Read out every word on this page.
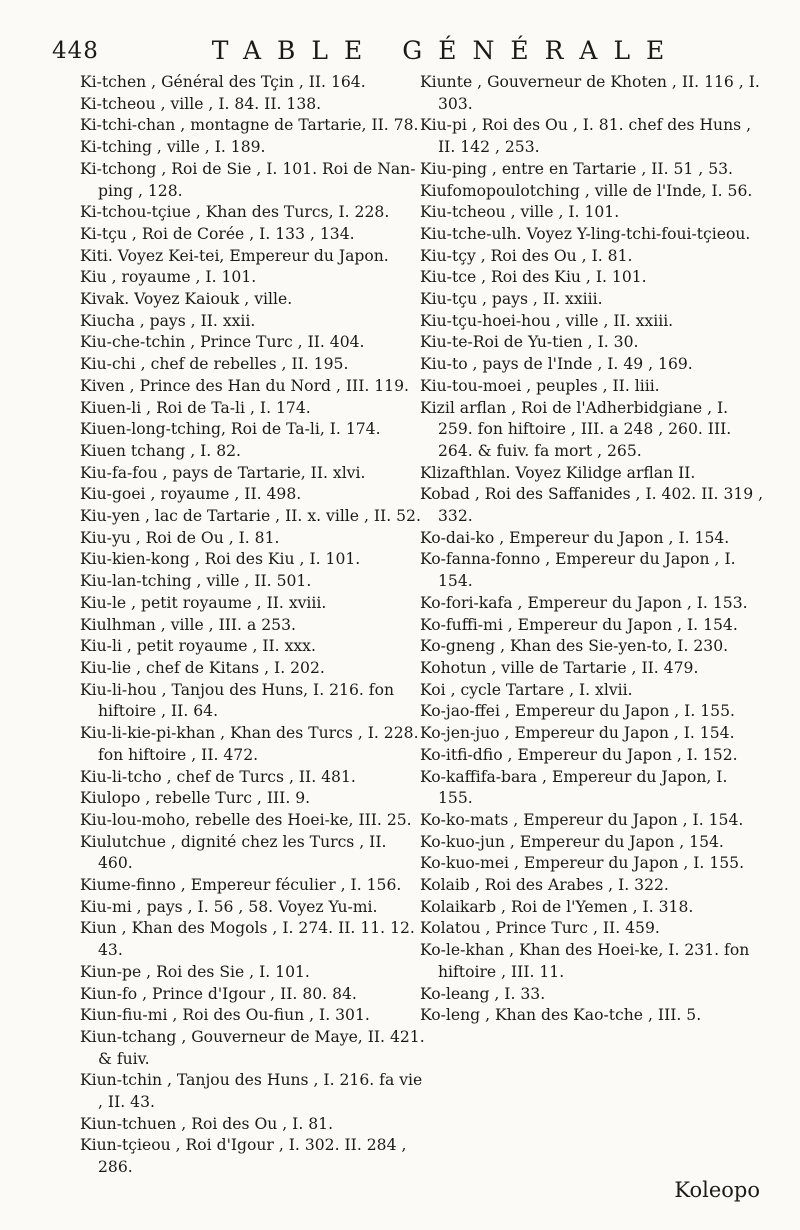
448	TABLE GÉNÉRALE
Ki-tchen , Général des Tçin , II. 164.
Ki-tcheou , ville , I. 84. II. 138.
Ki-tchi-chan , montagne de Tartarie, II. 78.
Ki-tching , ville , I. 189.
Ki-tchong , Roi de Sie , I. 101. Roi de Nan-ping , 128.
Ki-tchou-tçiue , Khan des Turcs, I. 228.
Ki-tçu , Roi de Corée , I. 133 , 134.
Kiti. Voyez Kei-tei, Empereur du Japon.
Kiu , royaume , I. 101.
Kivak. Voyez Kaiouk , ville.
Kiucha , pays , II. xxii.
Kiu-che-tchin , Prince Turc , II. 404.
Kiu-chi , chef de rebelles , II. 195.
Kiven , Prince des Han du Nord , III. 119.
Kiuen-li , Roi de Ta-li , I. 174.
Kiuen-long-tching, Roi de Ta-li, I. 174.
Kiuen tchang , I. 82.
Kiu-fa-fou , pays de Tartarie, II. xlvi.
Kiu-goei , royaume , II. 498.
Kiu-yen , lac de Tartarie , II. x. ville , II. 52.
Kiu-yu , Roi de Ou , I. 81.
Kiu-kien-kong , Roi des Kiu , I. 101.
Kiu-lan-tching , ville , II. 501.
Kiu-le , petit royaume , II. xviii.
Kiulhman , ville , III. a 253.
Kiu-li , petit royaume , II. xxx.
Kiu-lie , chef de Kitans , I. 202.
Kiu-li-hou , Tanjou des Huns, I. 216. fon hiftoire , II. 64.
Kiu-li-kie-pi-khan , Khan des Turcs , I. 228. fon hiftoire , II. 472.
Kiu-li-tcho , chef de Turcs , II. 481.
Kiulopo , rebelle Turc , III. 9.
Kiu-lou-moho, rebelle des Hoei-ke, III. 25.
Kiulutchue , dignité chez les Turcs , II. 460.
Kiume-finno , Empereur féculier , I. 156.
Kiu-mi , pays , I. 56 , 58. Voyez Yu-mi.
Kiun , Khan des Mogols , I. 274. II. 11. 12. 43.
Kiun-pe , Roi des Sie , I. 101.
Kiun-fo , Prince d'Igour , II. 80. 84.
Kiun-fiu-mi , Roi des Ou-fiun , I. 301.
Kiun-tchang , Gouverneur de Maye, II. 421. & fuiv.
Kiun-tchin , Tanjou des Huns , I. 216. fa vie , II. 43.
Kiun-tchuen , Roi des Ou , I. 81.
Kiun-tçieou , Roi d'Igour , I. 302. II. 284 , 286.
Kiunte , Gouverneur de Khoten , II. 116 , I. 303.
Kiu-pi , Roi des Ou , I. 81. chef des Huns , II. 142 , 253.
Kiu-ping , entre en Tartarie , II. 51 , 53.
Kiufomopoulotching , ville de l'Inde, I. 56.
Kiu-tcheou , ville , I. 101.
Kiu-tche-ulh. Voyez Y-ling-tchi-foui-tçieou.
Kiu-tçy , Roi des Ou , I. 81.
Kiu-tce , Roi des Kiu , I. 101.
Kiu-tçu , pays , II. xxiii.
Kiu-tçu-hoei-hou , ville , II. xxiii.
Kiu-te-Roi de Yu-tien , I. 30.
Kiu-to , pays de l'Inde , I. 49 , 169.
Kiu-tou-moei , peuples , II. liii.
Kizil arflan , Roi de l'Adherbidgiane , I. 259. fon hiftoire , III. a 248 , 260. III. 264. & fuiv. fa mort , 265.
Klizafthlan. Voyez Kilidge arflan II.
Kobad , Roi des Saffanides , I. 402. II. 319 , 332.
Ko-dai-ko , Empereur du Japon , I. 154.
Ko-fanna-fonno , Empereur du Japon , I. 154.
Ko-fori-kafa , Empereur du Japon , I. 153.
Ko-fuffi-mi , Empereur du Japon , I. 154.
Ko-gneng , Khan des Sie-yen-to, I. 230.
Kohotun , ville de Tartarie , II. 479.
Koi , cycle Tartare , I. xlvii.
Ko-jao-ffei , Empereur du Japon , I. 155.
Ko-jen-juo , Empereur du Japon , I. 154.
Ko-itfi-dfio , Empereur du Japon , I. 152.
Ko-kaffifa-bara , Empereur du Japon, I. 155.
Ko-ko-mats , Empereur du Japon , I. 154.
Ko-kuo-jun , Empereur du Japon , 154.
Ko-kuo-mei , Empereur du Japon , I. 155.
Kolaib , Roi des Arabes , I. 322.
Kolaikarb , Roi de l'Yemen , I. 318.
Kolatou , Prince Turc , II. 459.
Ko-le-khan , Khan des Hoei-ke, I. 231. fon hiftoire , III. 11.
Ko-leang , I. 33.
Ko-leng , Khan des Kao-tche , III. 5.
Koleopo
